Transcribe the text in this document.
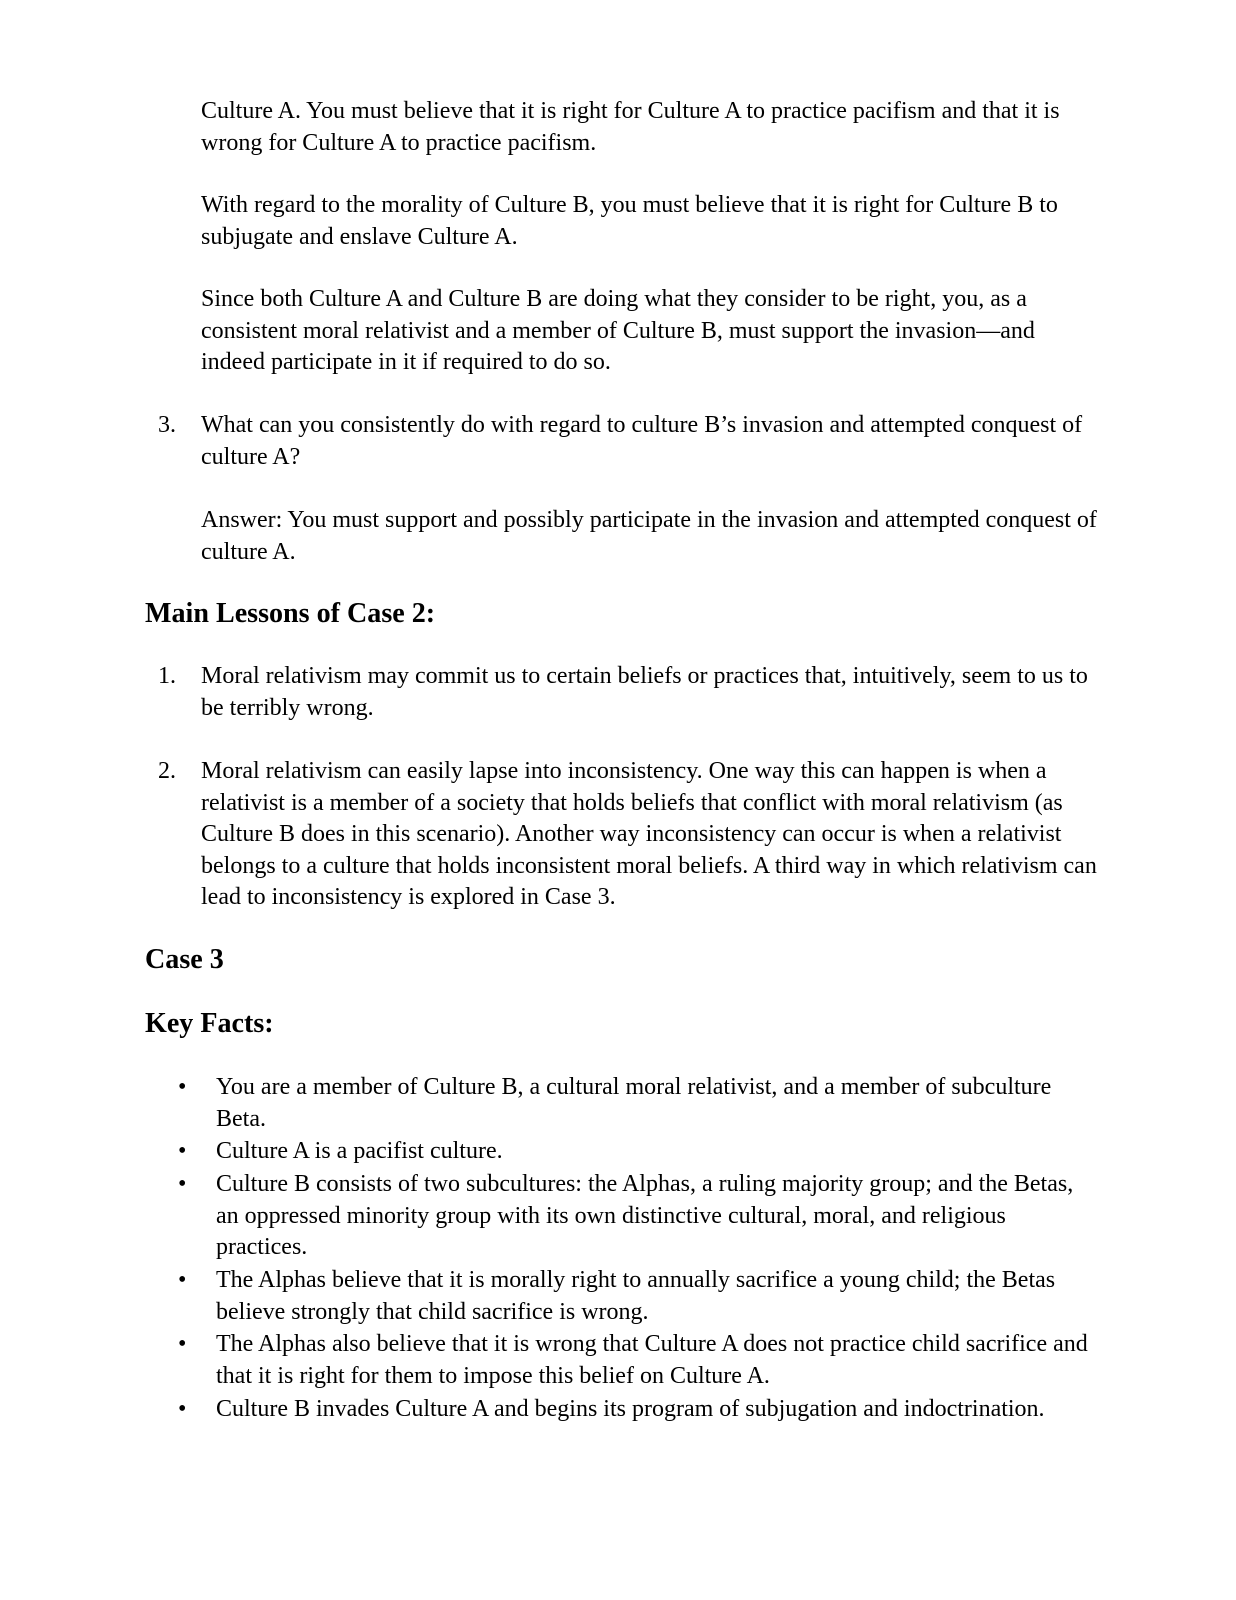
Culture A. You must believe that it is right for Culture A to practice pacifism and that it is wrong for Culture A to practice pacifism.

With regard to the morality of Culture B, you must believe that it is right for Culture B to subjugate and enslave Culture A.

Since both Culture A and Culture B are doing what they consider to be right, you, as a consistent moral relativist and a member of Culture B, must support the invasion—and indeed participate in it if required to do so.

3.	What can you consistently do with regard to culture B’s invasion and attempted conquest of culture A?

Answer: You must support and possibly participate in the invasion and attempted conquest of culture A.

Main Lessons of Case 2:
1.	Moral relativism may commit us to certain beliefs or practices that, intuitively, seem to us to be terribly wrong.

2.	Moral relativism can easily lapse into inconsistency. One way this can happen is when a relativist is a member of a society that holds beliefs that conflict with moral relativism (as Culture B does in this scenario). Another way inconsistency can occur is when a relativist belongs to a culture that holds inconsistent moral beliefs. A third way in which relativism can lead to inconsistency is explored in Case 3.

Case 3
Key Facts:
•	You are a member of Culture B, a cultural moral relativist, and a member of subculture Beta.

•	Culture A is a pacifist culture.

•	Culture B consists of two subcultures: the Alphas, a ruling majority group; and the Betas, an oppressed minority group with its own distinctive cultural, moral, and religious practices.

•	The Alphas believe that it is morally right to annually sacrifice a young child; the Betas believe strongly that child sacrifice is wrong.

•	The Alphas also believe that it is wrong that Culture A does not practice child sacrifice and that it is right for them to impose this belief on Culture A.

•	Culture B invades Culture A and begins its program of subjugation and indoctrination.
